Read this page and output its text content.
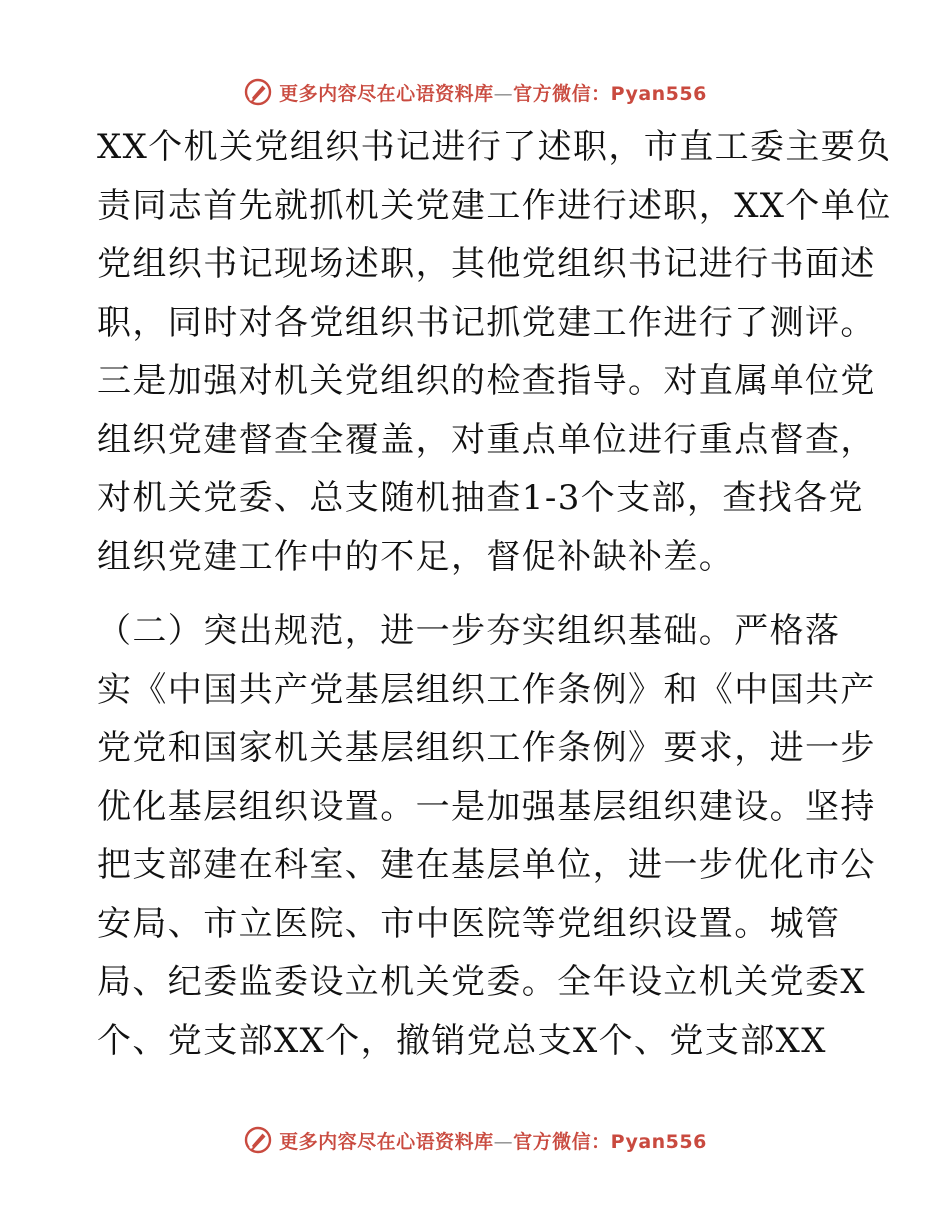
更多内容尽在心语资料库—官方微信：Pyan556
XX个机关党组织书记进行了述职，市直工委主要负
责同志首先就抓机关党建工作进行述职，XX个单位
党组织书记现场述职，其他党组织书记进行书面述
职，同时对各党组织书记抓党建工作进行了测评。
三是加强对机关党组织的检查指导。对直属单位党
组织党建督查全覆盖，对重点单位进行重点督查，
对机关党委、总支随机抽查1-3个支部，查找各党
组织党建工作中的不足，督促补缺补差。
（二）突出规范，进一步夯实组织基础。严格落
实《中国共产党基层组织工作条例》和《中国共产
党党和国家机关基层组织工作条例》要求，进一步
优化基层组织设置。一是加强基层组织建设。坚持
把支部建在科室、建在基层单位，进一步优化市公
安局、市立医院、市中医院等党组织设置。城管
局、纪委监委设立机关党委。全年设立机关党委X
个、党支部XX个，撤销党总支X个、党支部XX
更多内容尽在心语资料库—官方微信：Pyan556
